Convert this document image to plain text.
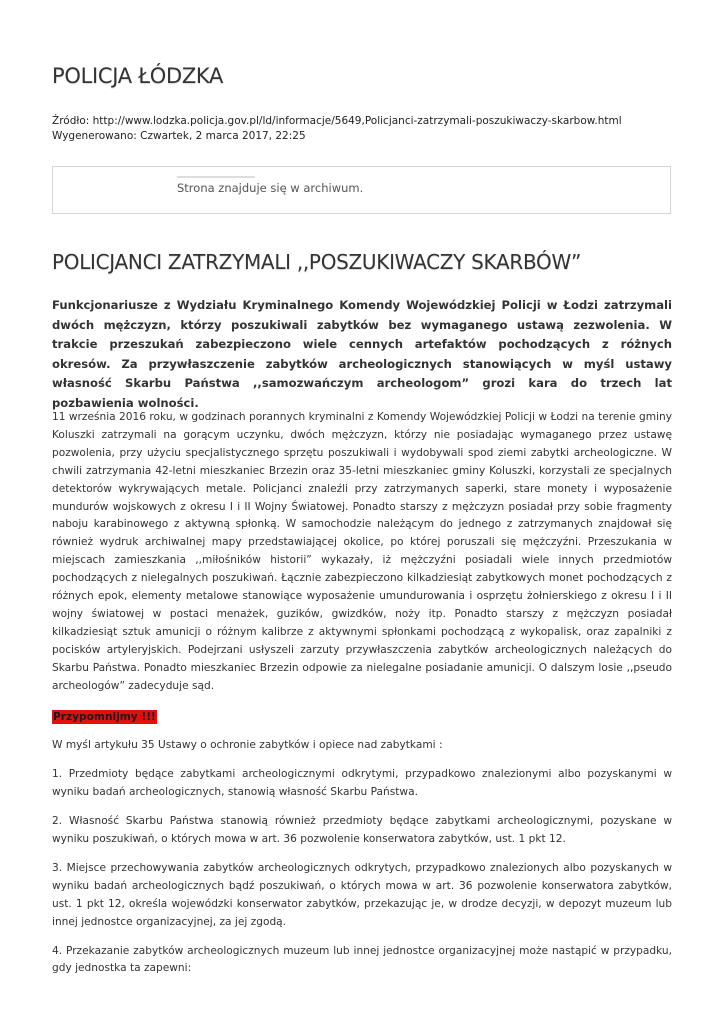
POLICJA ŁÓDZKA
Źródło: http://www.lodzka.policja.gov.pl/ld/informacje/5649,Policjanci-zatrzymali-poszukiwaczy-skarbow.html
Wygenerowano: Czwartek, 2 marca 2017, 22:25
Strona znajduje się w archiwum.
POLICJANCI ZATRZYMALI ,,POSZUKIWACZY SKARBÓW”

Funkcjonariusze z Wydziału Kryminalnego Komendy Wojewódzkiej Policji w Łodzi zatrzymali dwóch mężczyzn, którzy poszukiwali zabytków bez wymaganego ustawą zezwolenia. W trakcie przeszukań zabezpieczono wiele cennych artefaktów pochodzących z różnych okresów. Za przywłaszczenie zabytków archeologicznych stanowiących w myśl ustawy własność Skarbu Państwa ,,samozwańczym archeologom” grozi kara do trzech lat pozbawienia wolności.

11 września 2016 roku, w godzinach porannych kryminalni z Komendy Wojewódzkiej Policji w Łodzi na terenie gminy Koluszki zatrzymali na gorącym uczynku, dwóch mężczyzn, którzy nie posiadając wymaganego przez ustawę pozwolenia, przy użyciu specjalistycznego sprzętu poszukiwali i wydobywali spod ziemi zabytki archeologiczne. W chwili zatrzymania 42-letni mieszkaniec Brzezin oraz 35-letni mieszkaniec gminy Koluszki, korzystali ze specjalnych detektorów wykrywających metale. Policjanci znaleźli przy zatrzymanych saperki, stare monety i wyposażenie mundurów wojskowych z okresu I i II Wojny Światowej. Ponadto starszy z mężczyzn posiadał przy sobie fragmenty naboju karabinowego z aktywną spłonką. W samochodzie należącym do jednego z zatrzymanych znajdował się również wydruk archiwalnej mapy przedstawiającej okolice, po której poruszali się mężczyźni. Przeszukania w miejscach zamieszkania ,,miłośników historii” wykazały, iż mężczyźni posiadali wiele innych przedmiotów pochodzących z nielegalnych poszukiwań. Łącznie zabezpieczono kilkadziesiąt zabytkowych monet pochodzących z różnych epok, elementy metalowe stanowiące wyposażenie umundurowania i osprzętu żołnierskiego z okresu I i II wojny światowej w postaci menażek, guzików, gwizdków, noży itp. Ponadto starszy z mężczyzn posiadał kilkadziesiąt sztuk amunicji o różnym kalibrze z aktywnymi spłonkami pochodzącą z wykopalisk, oraz zapalniki z pocisków artyleryjskich. Podejrzani usłyszeli zarzuty przywłaszczenia zabytków archeologicznych należących do Skarbu Państwa. Ponadto mieszkaniec Brzezin odpowie za nielegalne posiadanie amunicji. O dalszym losie ,,pseudo archeologów” zadecyduje sąd.

Przypomnijmy !!!

W myśl artykułu 35 Ustawy o ochronie zabytków i opiece nad zabytkami :

1. Przedmioty będące zabytkami archeologicznymi odkrytymi, przypadkowo znalezionymi albo pozyskanymi w wyniku badań archeologicznych, stanowią własność Skarbu Państwa.

2. Własność Skarbu Państwa stanowią również przedmioty będące zabytkami archeologicznymi, pozyskane w wyniku poszukiwań, o których mowa w art. 36 pozwolenie konserwatora zabytków, ust. 1 pkt 12.

3. Miejsce przechowywania zabytków archeologicznych odkrytych, przypadkowo znalezionych albo pozyskanych w wyniku badań archeologicznych bądź poszukiwań, o których mowa w art. 36 pozwolenie konserwatora zabytków, ust. 1 pkt 12, określa wojewódzki konserwator zabytków, przekazując je, w drodze decyzji, w depozyt muzeum lub innej jednostce organizacyjnej, za jej zgodą.

4. Przekazanie zabytków archeologicznych muzeum lub innej jednostce organizacyjnej może nastąpić w przypadku, gdy jednostka ta zapewni:
